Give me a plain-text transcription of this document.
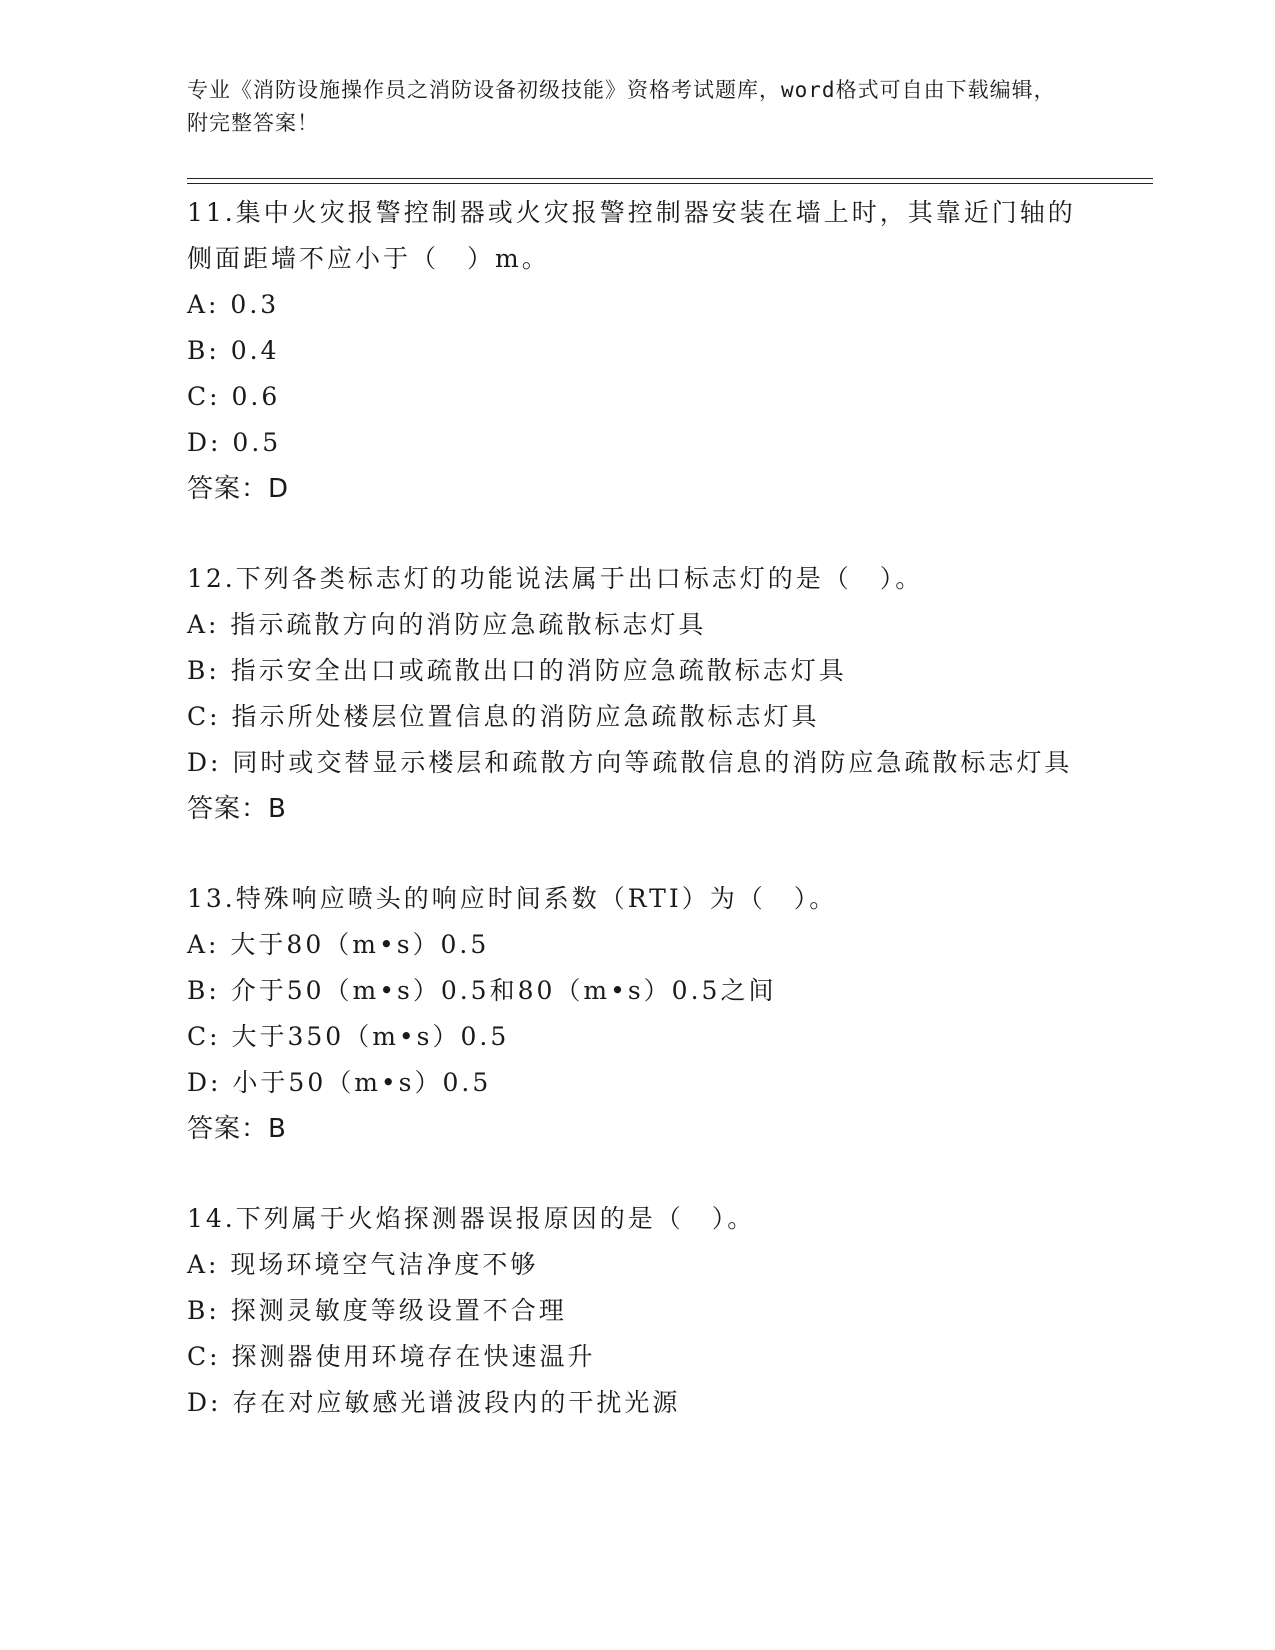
专业《消防设施操作员之消防设备初级技能》资格考试题库，word格式可自由下载编辑，附完整答案！

11.集中火灾报警控制器或火灾报警控制器安装在墙上时，其靠近门轴的侧面距墙不应小于（　）m。

A: 0.3

B: 0.4

C: 0.6

D: 0.5

答案：D

12.下列各类标志灯的功能说法属于出口标志灯的是（　）。

A: 指示疏散方向的消防应急疏散标志灯具

B: 指示安全出口或疏散出口的消防应急疏散标志灯具

C: 指示所处楼层位置信息的消防应急疏散标志灯具

D: 同时或交替显示楼层和疏散方向等疏散信息的消防应急疏散标志灯具

答案：B

13.特殊响应喷头的响应时间系数（RTI）为（　）。

A: 大于80（m•s）0.5

B: 介于50（m•s）0.5和80（m•s）0.5之间

C: 大于350（m•s）0.5

D: 小于50（m•s）0.5

答案：B

14.下列属于火焰探测器误报原因的是（　）。

A: 现场环境空气洁净度不够

B: 探测灵敏度等级设置不合理

C: 探测器使用环境存在快速温升

D: 存在对应敏感光谱波段内的干扰光源
